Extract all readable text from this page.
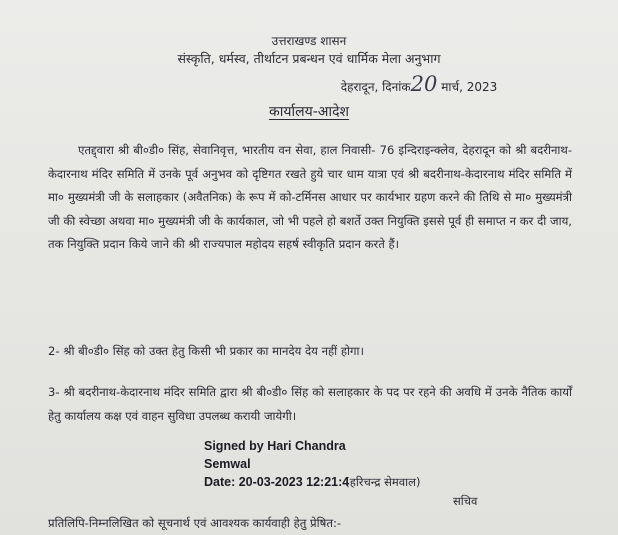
उत्तराखण्ड शासन
संस्कृति, धर्मस्व, तीर्थाटन प्रबन्धन एवं धार्मिक मेला अनुभाग
देहरादून, दिनांक20 मार्च, 2023
कार्यालय-आदेश
एतद्द्वारा श्री बी०डी० सिंह, सेवानिवृत्त, भारतीय वन सेवा, हाल निवासी- 76 इन्दिराइन्क्लेव, देहरादून को श्री बदरीनाथ-केदारनाथ मंदिर समिति में उनके पूर्व अनुभव को दृष्टिगत रखते हुये चार धाम यात्रा एवं श्री बदरीनाथ-केदारनाथ मंदिर समिति में मा० मुख्यमंत्री जी के सलाहकार (अवैतनिक) के रूप में को-टर्मिनस आधार पर कार्यभार ग्रहण करने की तिथि से मा० मुख्यमंत्री जी की स्वेच्छा अथवा मा० मुख्यमंत्री जी के कार्यकाल, जो भी पहले हो बशर्ते उक्त नियुक्ति इससे पूर्व ही समाप्त न कर दी जाय, तक नियुक्ति प्रदान किये जाने की श्री राज्यपाल महोदय सहर्ष स्वीकृति प्रदान करते हैं।
2- श्री बी०डी० सिंह को उक्त हेतु किसी भी प्रकार का मानदेय देय नहीं होगा।
3- श्री बदरीनाथ-केदारनाथ मंदिर समिति द्वारा श्री बी०डी० सिंह को सलाहकार के पद पर रहने की अवधि में उनके नैतिक कार्यों हेतु कार्यालय कक्ष एवं वाहन सुविधा उपलब्ध करायी जायेगी।
Signed by Hari Chandra
Semwal
Date: 20-03-2023 12:21:4(हरिचन्द्र सेमवाल)
सचिव
प्रतिलिपि-निम्नलिखित को सूचनार्थ एवं आवश्यक कार्यवाही हेतु प्रेषित:-
